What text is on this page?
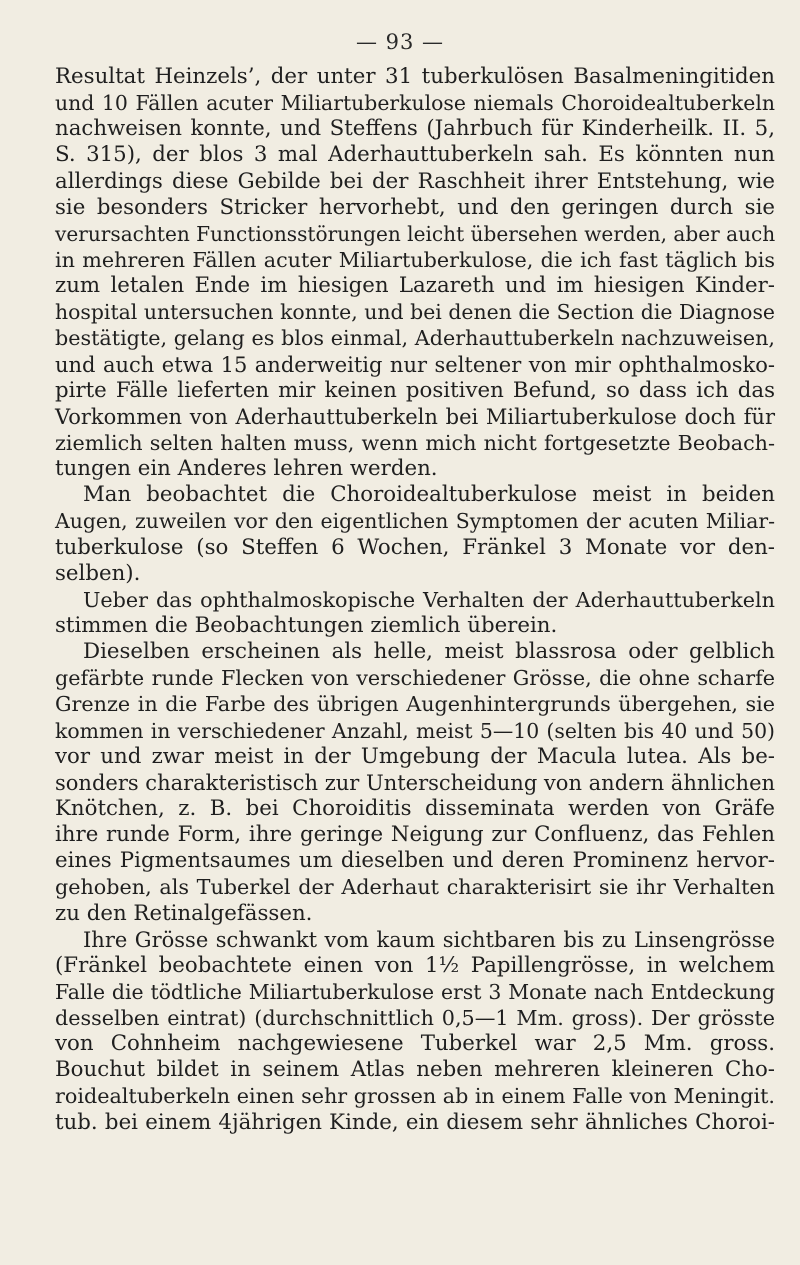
— 93 —
Resultat Heinzels’, der unter 31 tuberkulösen Basalmeningitiden
und 10 Fällen acuter Miliartuberkulose niemals Choroidealtuberkeln
nachweisen konnte, und Steffens (Jahrbuch für Kinderheilk. II. 5,
S. 315), der blos 3 mal Aderhauttuberkeln sah. Es könnten nun
allerdings diese Gebilde bei der Raschheit ihrer Entstehung, wie
sie besonders Stricker hervorhebt, und den geringen durch sie
verursachten Functionsstörungen leicht übersehen werden, aber auch
in mehreren Fällen acuter Miliartuberkulose, die ich fast täglich bis
zum letalen Ende im hiesigen Lazareth und im hiesigen Kinder-
hospital untersuchen konnte, und bei denen die Section die Diagnose
bestätigte, gelang es blos einmal, Aderhauttuberkeln nachzuweisen,
und auch etwa 15 anderweitig nur seltener von mir ophthalmosko-
pirte Fälle lieferten mir keinen positiven Befund, so dass ich das
Vorkommen von Aderhauttuberkeln bei Miliartuberkulose doch für
ziemlich selten halten muss, wenn mich nicht fortgesetzte Beobach-
tungen ein Anderes lehren werden.
Man beobachtet die Choroidealtuberkulose meist in beiden
Augen, zuweilen vor den eigentlichen Symptomen der acuten Miliar-
tuberkulose (so Steffen 6 Wochen, Fränkel 3 Monate vor den-
selben).
Ueber das ophthalmoskopische Verhalten der Aderhauttuberkeln
stimmen die Beobachtungen ziemlich überein.
Dieselben erscheinen als helle, meist blassrosa oder gelblich
gefärbte runde Flecken von verschiedener Grösse, die ohne scharfe
Grenze in die Farbe des übrigen Augenhintergrunds übergehen, sie
kommen in verschiedener Anzahl, meist 5—10 (selten bis 40 und 50)
vor und zwar meist in der Umgebung der Macula lutea. Als be-
sonders charakteristisch zur Unterscheidung von andern ähnlichen
Knötchen, z. B. bei Choroiditis disseminata werden von Gräfe
ihre runde Form, ihre geringe Neigung zur Confluenz, das Fehlen
eines Pigmentsaumes um dieselben und deren Prominenz hervor-
gehoben, als Tuberkel der Aderhaut charakterisirt sie ihr Verhalten
zu den Retinalgefässen.
Ihre Grösse schwankt vom kaum sichtbaren bis zu Linsengrösse
(Fränkel beobachtete einen von 1½ Papillengrösse, in welchem
Falle die tödtliche Miliartuberkulose erst 3 Monate nach Entdeckung
desselben eintrat) (durchschnittlich 0,5—1 Mm. gross). Der grösste
von Cohnheim nachgewiesene Tuberkel war 2,5 Mm. gross.
Bouchut bildet in seinem Atlas neben mehreren kleineren Cho-
roidealtuberkeln einen sehr grossen ab in einem Falle von Meningit.
tub. bei einem 4jährigen Kinde, ein diesem sehr ähnliches Choroi-
